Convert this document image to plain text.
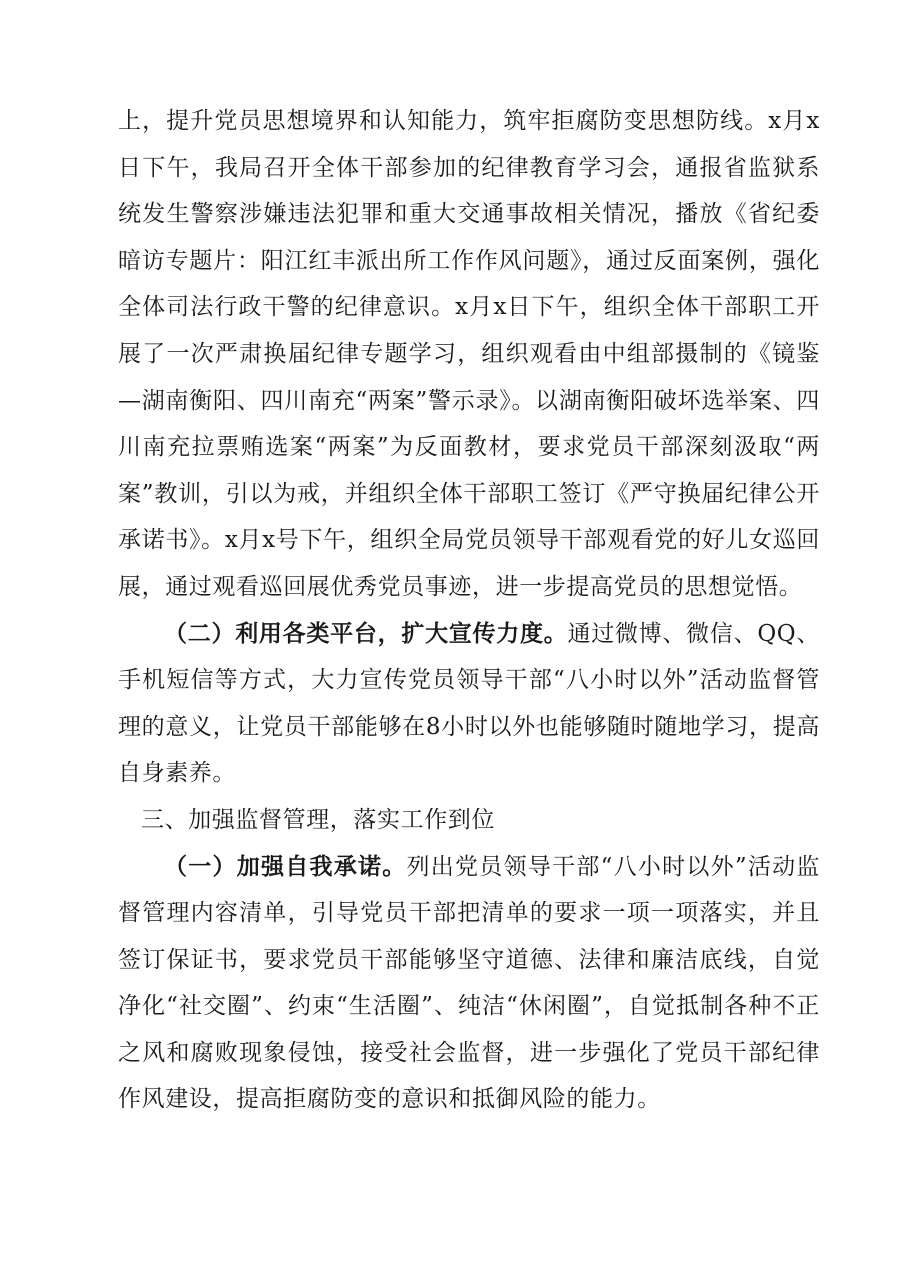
上，提升党员思想境界和认知能力，筑牢拒腐防变思想防线。x月x日下午，我局召开全体干部参加的纪律教育学习会，通报省监狱系统发生警察涉嫌违法犯罪和重大交通事故相关情况，播放《省纪委暗访专题片：阳江红丰派出所工作作风问题》，通过反面案例，强化全体司法行政干警的纪律意识。x月x日下午，组织全体干部职工开展了一次严肃换届纪律专题学习，组织观看由中组部摄制的《镜鉴—湖南衡阳、四川南充“两案”警示录》。以湖南衡阳破坏选举案、四川南充拉票贿选案“两案”为反面教材，要求党员干部深刻汲取“两案”教训，引以为戒，并组织全体干部职工签订《严守换届纪律公开承诺书》。x月x号下午，组织全局党员领导干部观看党的好儿女巡回展，通过观看巡回展优秀党员事迹，进一步提高党员的思想觉悟。

（二）利用各类平台，扩大宣传力度。通过微博、微信、QQ、手机短信等方式，大力宣传党员领导干部“八小时以外”活动监督管理的意义，让党员干部能够在8小时以外也能够随时随地学习，提高自身素养。

三、加强监督管理，落实工作到位

（一）加强自我承诺。列出党员领导干部“八小时以外”活动监督管理内容清单，引导党员干部把清单的要求一项一项落实，并且签订保证书，要求党员干部能够坚守道德、法律和廉洁底线，自觉净化“社交圈”、约束“生活圈”、纯洁“休闲圈”，自觉抵制各种不正之风和腐败现象侵蚀，接受社会监督，进一步强化了党员干部纪律作风建设，提高拒腐防变的意识和抵御风险的能力。
